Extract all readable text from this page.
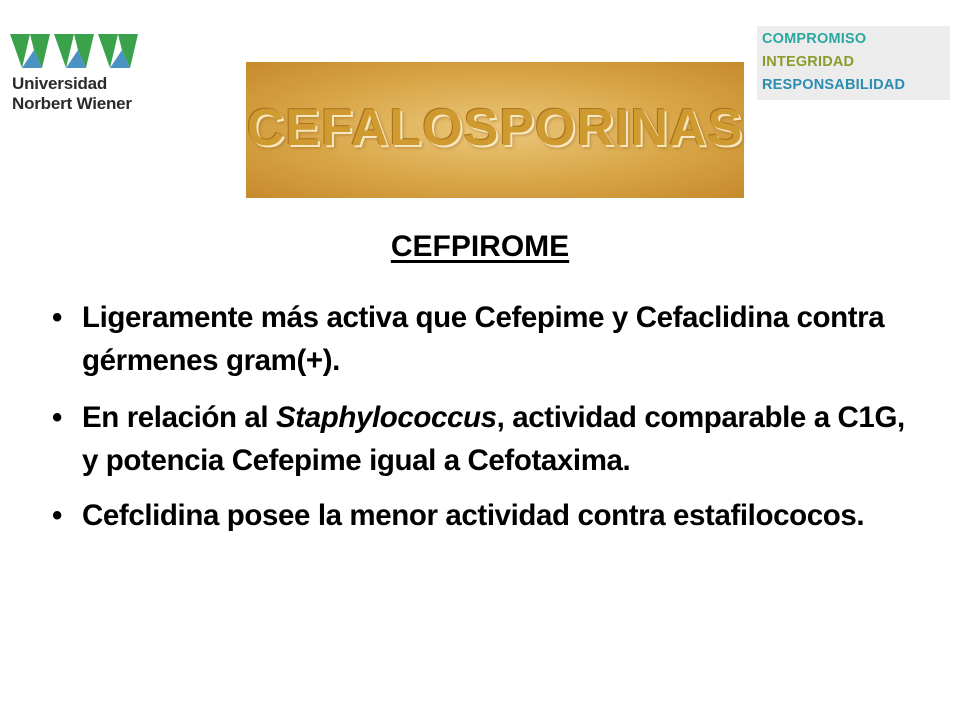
Universidad
Norbert Wiener
COMPROMISO
INTEGRIDAD
RESPONSABILIDAD
CEFALOSPORINAS
CEFPIROME
• Ligeramente más activa que Cefepime y Cefaclidina contra gérmenes gram(+).
• En relación al Staphylococcus, actividad comparable a C1G, y potencia Cefepime igual a Cefotaxima.
• Cefclidina posee la menor actividad contra estafilococos.
